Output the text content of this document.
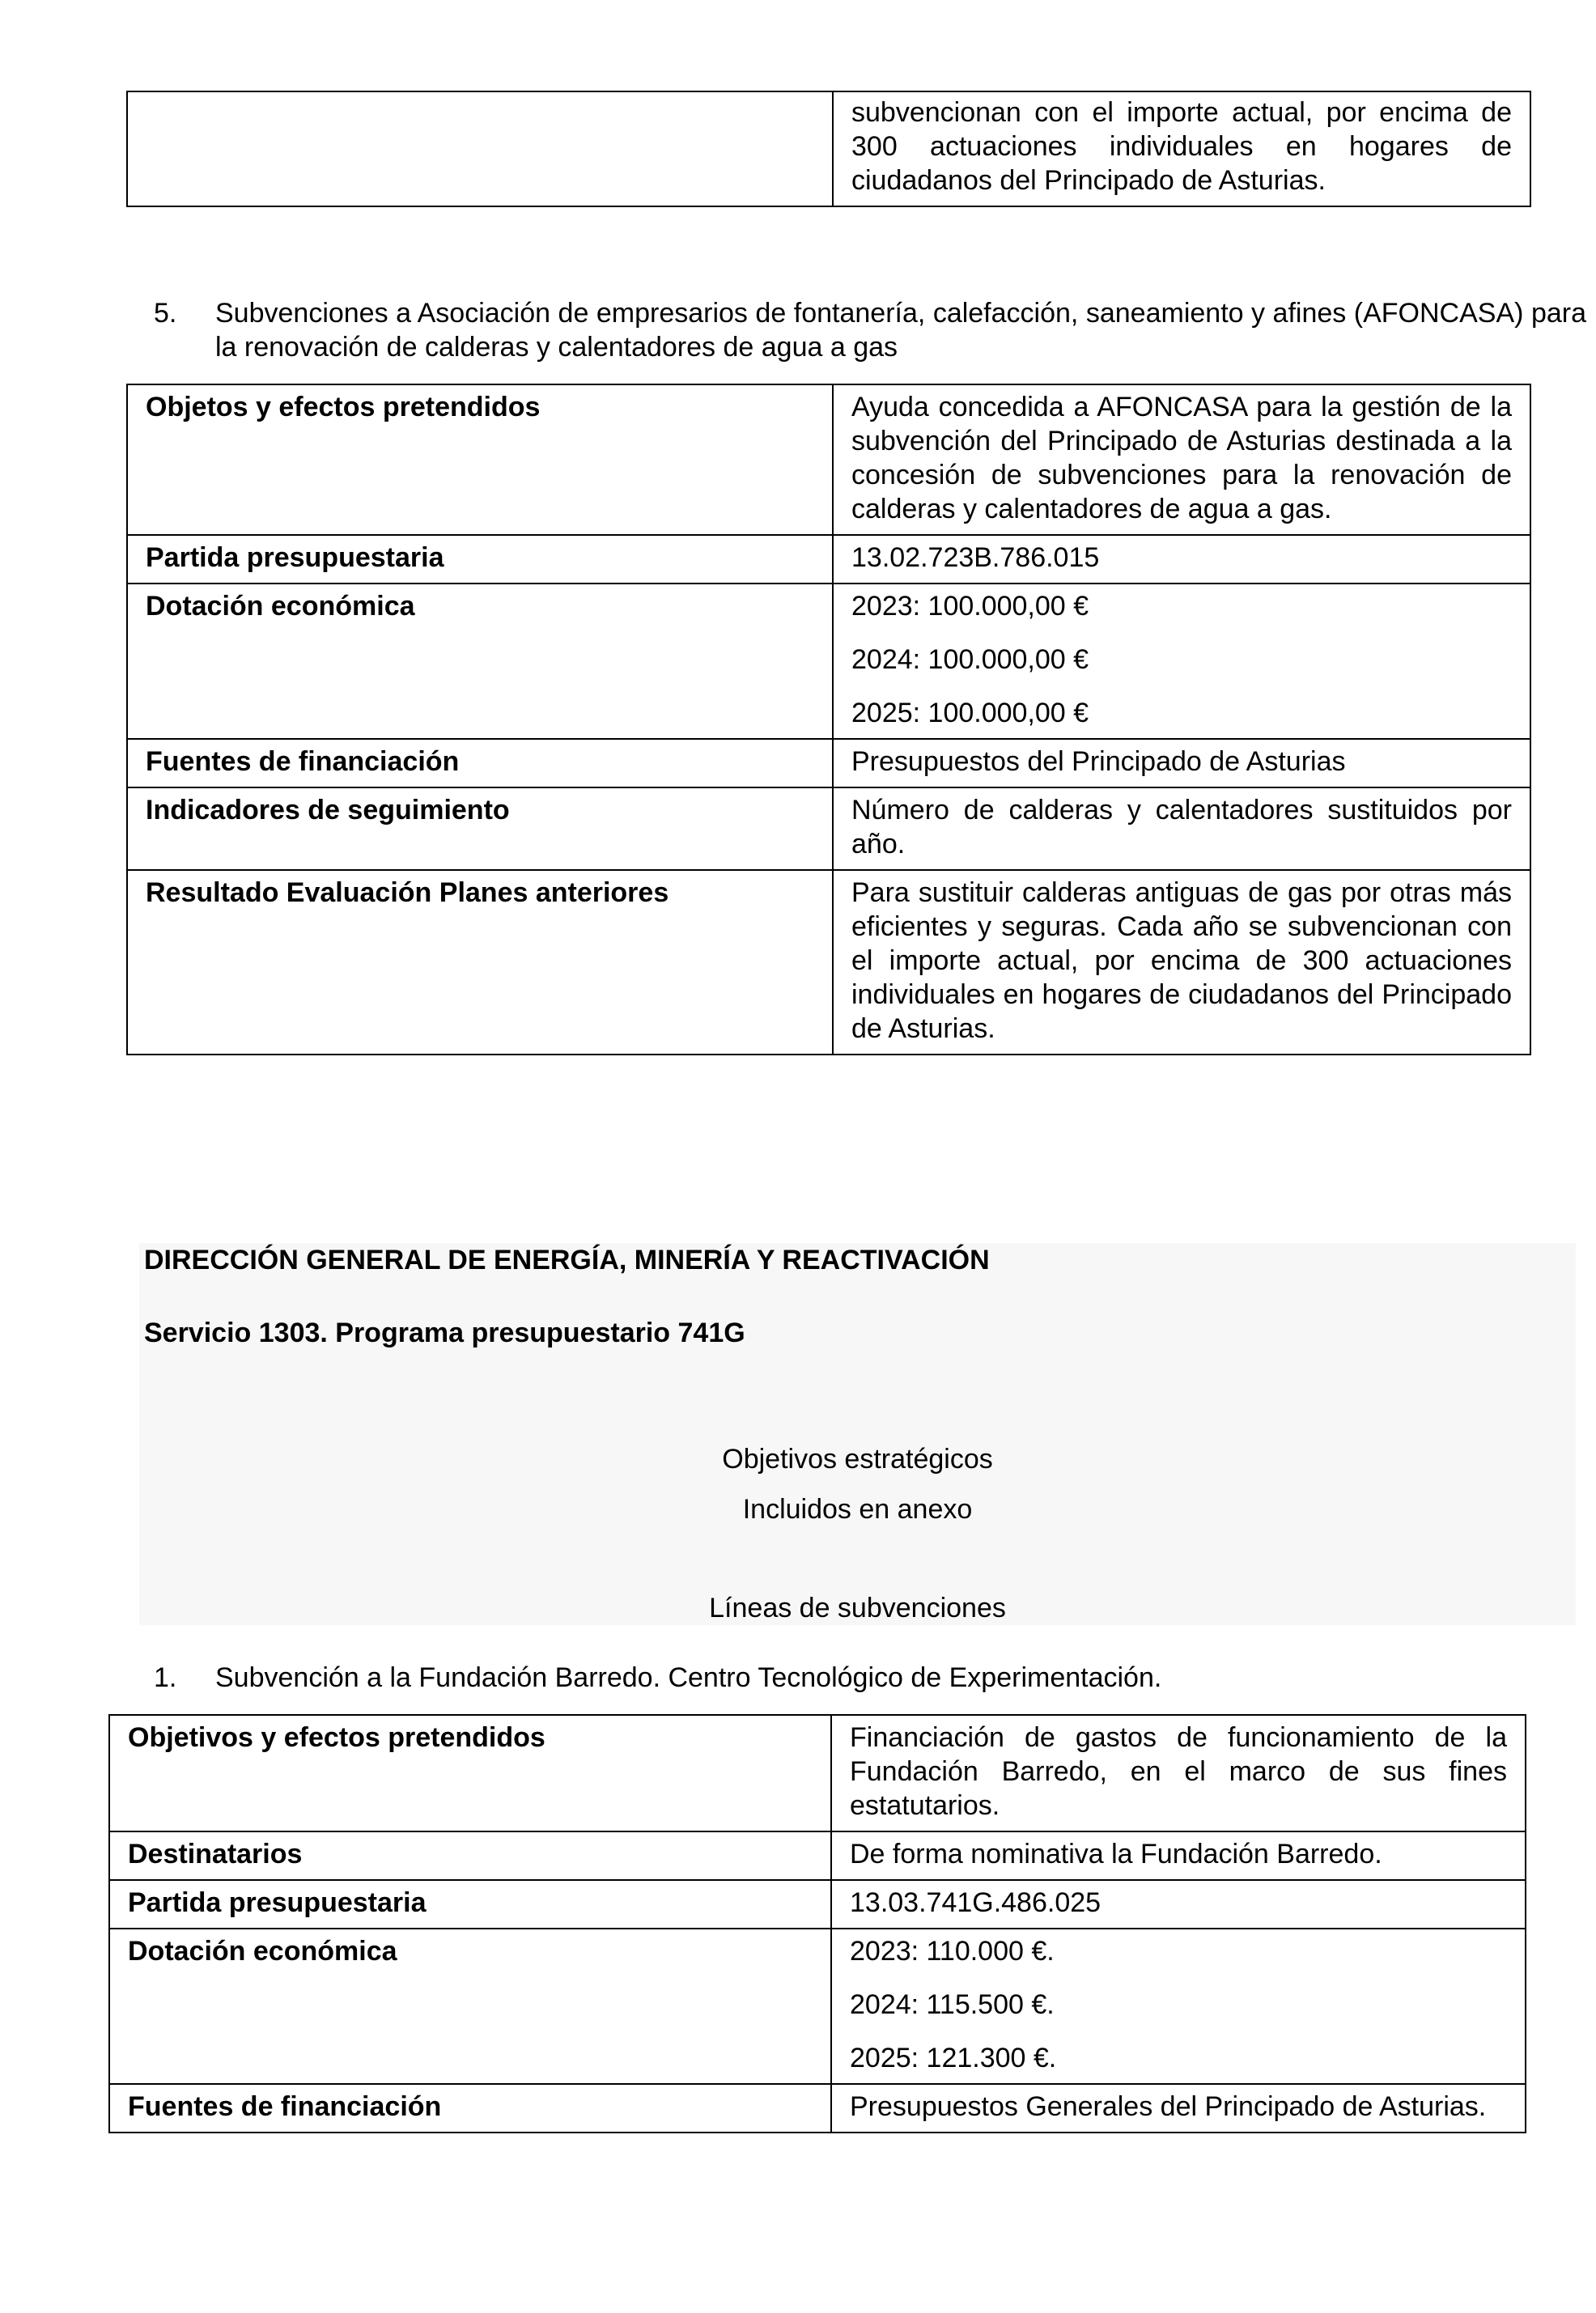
	subvencionan con el importe actual, por encima de 300 actuaciones individuales en hogares de ciudadanos del Principado de Asturias.
5. Subvenciones a Asociación de empresarios de fontanería, calefacción, saneamiento y afines (AFONCASA) para la renovación de calderas y calentadores de agua a gas
Objetos y efectos pretendidos	Ayuda concedida a AFONCASA para la gestión de la subvención del Principado de Asturias destinada a la concesión de subvenciones para la renovación de calderas y calentadores de agua a gas.
Partida presupuestaria	13.02.723B.786.015
Dotación económica	2023: 100.000,00 €
2024: 100.000,00 €
2025: 100.000,00 €

Fuentes de financiación	Presupuestos del Principado de Asturias
Indicadores de seguimiento	Número de calderas y calentadores sustituidos por año.
Resultado Evaluación Planes anteriores	Para sustituir calderas antiguas de gas por otras más eficientes y seguras. Cada año se subvencionan con el importe actual, por encima de 300 actuaciones individuales en hogares de ciudadanos del Principado de Asturias.
DIRECCIÓN GENERAL DE ENERGÍA, MINERÍA Y REACTIVACIÓN
Servicio 1303. Programa presupuestario 741G
Objetivos estratégicos
Incluidos en anexo
Líneas de subvenciones
1. Subvención a la Fundación Barredo. Centro Tecnológico de Experimentación.
Objetivos y efectos pretendidos	Financiación de gastos de funcionamiento de la Fundación Barredo, en el marco de sus fines estatutarios.
Destinatarios	De forma nominativa la Fundación Barredo.
Partida presupuestaria	13.03.741G.486.025
Dotación económica	2023: 110.000 €.
2024: 115.500 €.
2025: 121.300 €.

Fuentes de financiación	Presupuestos Generales del Principado de Asturias.
